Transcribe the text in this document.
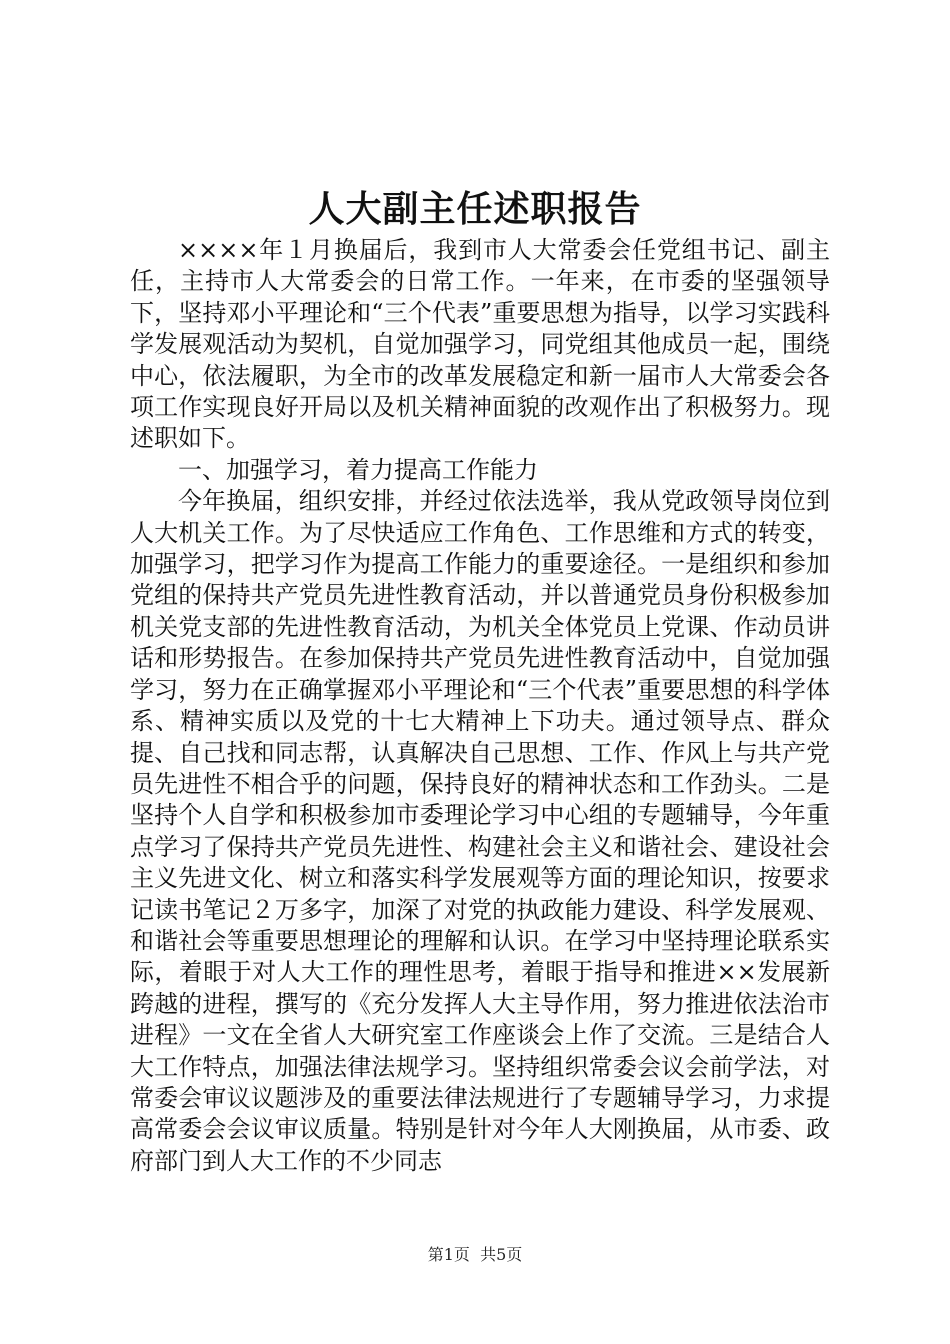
人大副主任述职报告

××××年１月换届后，我到市人大常委会任党组书记、副主任，主持市人大常委会的日常工作。一年来，在市委的坚强领导下，坚持邓小平理论和“三个代表”重要思想为指导，以学习实践科学发展观活动为契机，自觉加强学习，同党组其他成员一起，围绕中心，依法履职，为全市的改革发展稳定和新一届市人大常委会各项工作实现良好开局以及机关精神面貌的改观作出了积极努力。现述职如下。

一、加强学习，着力提高工作能力

今年换届，组织安排，并经过依法选举，我从党政领导岗位到人大机关工作。为了尽快适应工作角色、工作思维和方式的转变，加强学习，把学习作为提高工作能力的重要途径。一是组织和参加党组的保持共产党员先进性教育活动，并以普通党员身份积极参加机关党支部的先进性教育活动，为机关全体党员上党课、作动员讲话和形势报告。在参加保持共产党员先进性教育活动中，自觉加强学习，努力在正确掌握邓小平理论和“三个代表”重要思想的科学体系、精神实质以及党的十七大精神上下功夫。通过领导点、群众提、自己找和同志帮，认真解决自己思想、工作、作风上与共产党员先进性不相合乎的问题，保持良好的精神状态和工作劲头。二是坚持个人自学和积极参加市委理论学习中心组的专题辅导，今年重点学习了保持共产党员先进性、构建社会主义和谐社会、建设社会主义先进文化、树立和落实科学发展观等方面的理论知识，按要求记读书笔记２万多字，加深了对党的执政能力建设、科学发展观、和谐社会等重要思想理论的理解和认识。在学习中坚持理论联系实际，着眼于对人大工作的理性思考，着眼于指导和推进××发展新跨越的进程，撰写的《充分发挥人大主导作用，努力推进依法治市进程》一文在全省人大研究室工作座谈会上作了交流。三是结合人大工作特点，加强法律法规学习。坚持组织常委会议会前学法，对常委会审议议题涉及的重要法律法规进行了专题辅导学习，力求提高常委会会议审议质量。特别是针对今年人大刚换届，从市委、政府部门到人大工作的不少同志

第1页  共5页
